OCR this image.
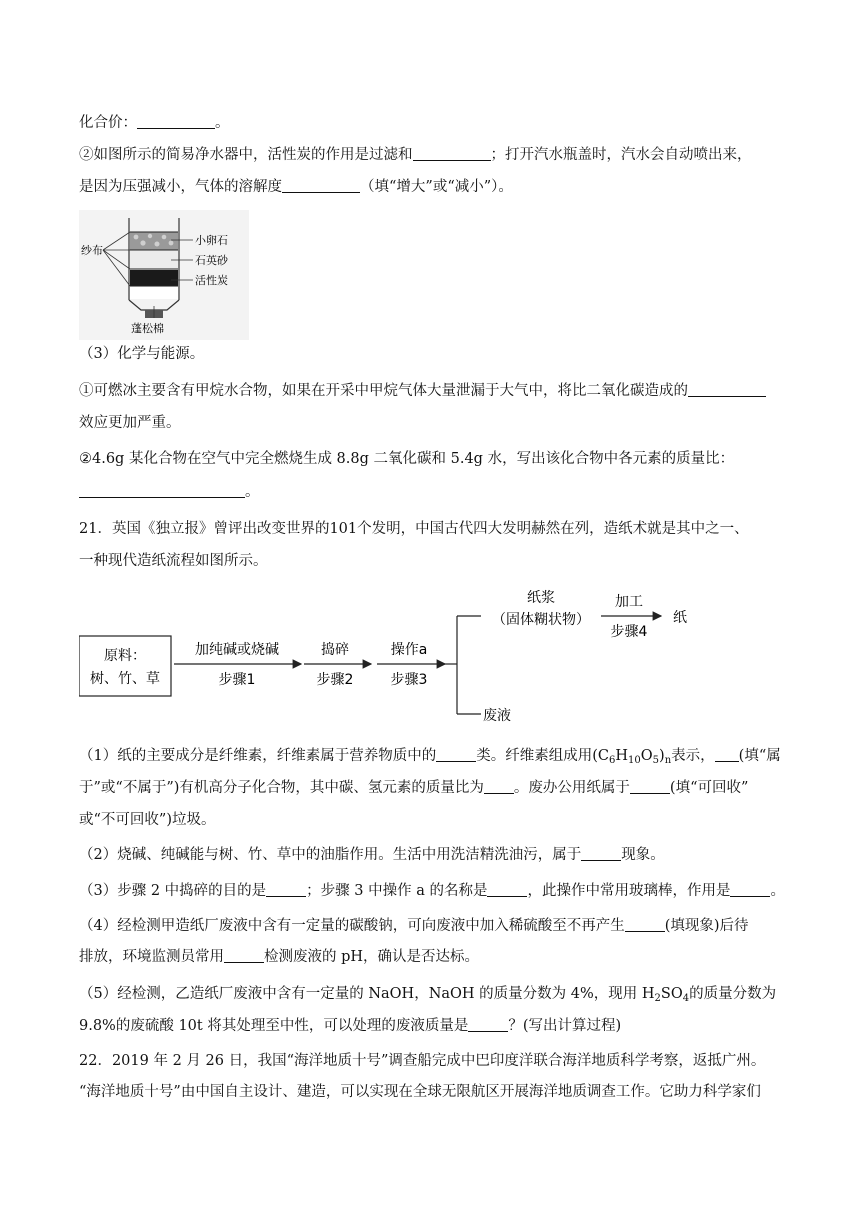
化合价：	。
②如图所示的简易净水器中，活性炭的作用是过滤和	；打开汽水瓶盖时，汽水会自动喷出来，
是因为压强减小，气体的溶解度	（填“增大”或“减小”）。
纱布
小卵石
石英砂
活性炭
蓬松棉
（3）化学与能源。
①可燃冰主要含有甲烷水合物，如果在开采中甲烷气体大量泄漏于大气中，将比二氧化碳造成的
效应更加严重。
②4.6g 某化合物在空气中完全燃烧生成 8.8g 二氧化碳和 5.4g 水，写出该化合物中各元素的质量比：
。
21．英国《独立报》曾评出改变世界的101个发明，中国古代四大发明赫然在列，造纸术就是其中之一、
一种现代造纸流程如图所示。
原料：
树、竹、草
加纯碱或烧碱
步骤1
捣碎
步骤2
操作a
步骤3
纸浆
（固体糊状物）
加工
步骤4
纸
废液
（1）纸的主要成分是纤维素，纤维素属于营养物质中的	类。纤维素组成用$(C_6H_{10}O_5)_n$表示， (填“属
于”或“不属于”)有机高分子化合物，其中碳、氢元素的质量比为 。废办公用纸属于	(填“可回收”
或“不可回收”)垃圾。
（2）烧碱、纯碱能与树、竹、草中的油脂作用。生活中用洗洁精洗油污，属于	现象。
（3）步骤 2 中捣碎的目的是	；步骤 3 中操作 a 的名称是	，此操作中常用玻璃棒，作用是	。
（4）经检测甲造纸厂废液中含有一定量的碳酸钠，可向废液中加入稀硫酸至不再产生	(填现象)后待
排放，环境监测员常用	检测废液的 pH，确认是否达标。
（5）经检测，乙造纸厂废液中含有一定量的 NaOH，NaOH 的质量分数为 4%，现用 $H_2SO_4$的质量分数为
9.8%的废硫酸 10t 将其处理至中性，可以处理的废液质量是	？(写出计算过程)
22．2019 年 2 月 26 日，我国“海洋地质十号”调查船完成中巴印度洋联合海洋地质科学考察，返抵广州。
“海洋地质十号”由中国自主设计、建造，可以实现在全球无限航区开展海洋地质调查工作。它助力科学家们
